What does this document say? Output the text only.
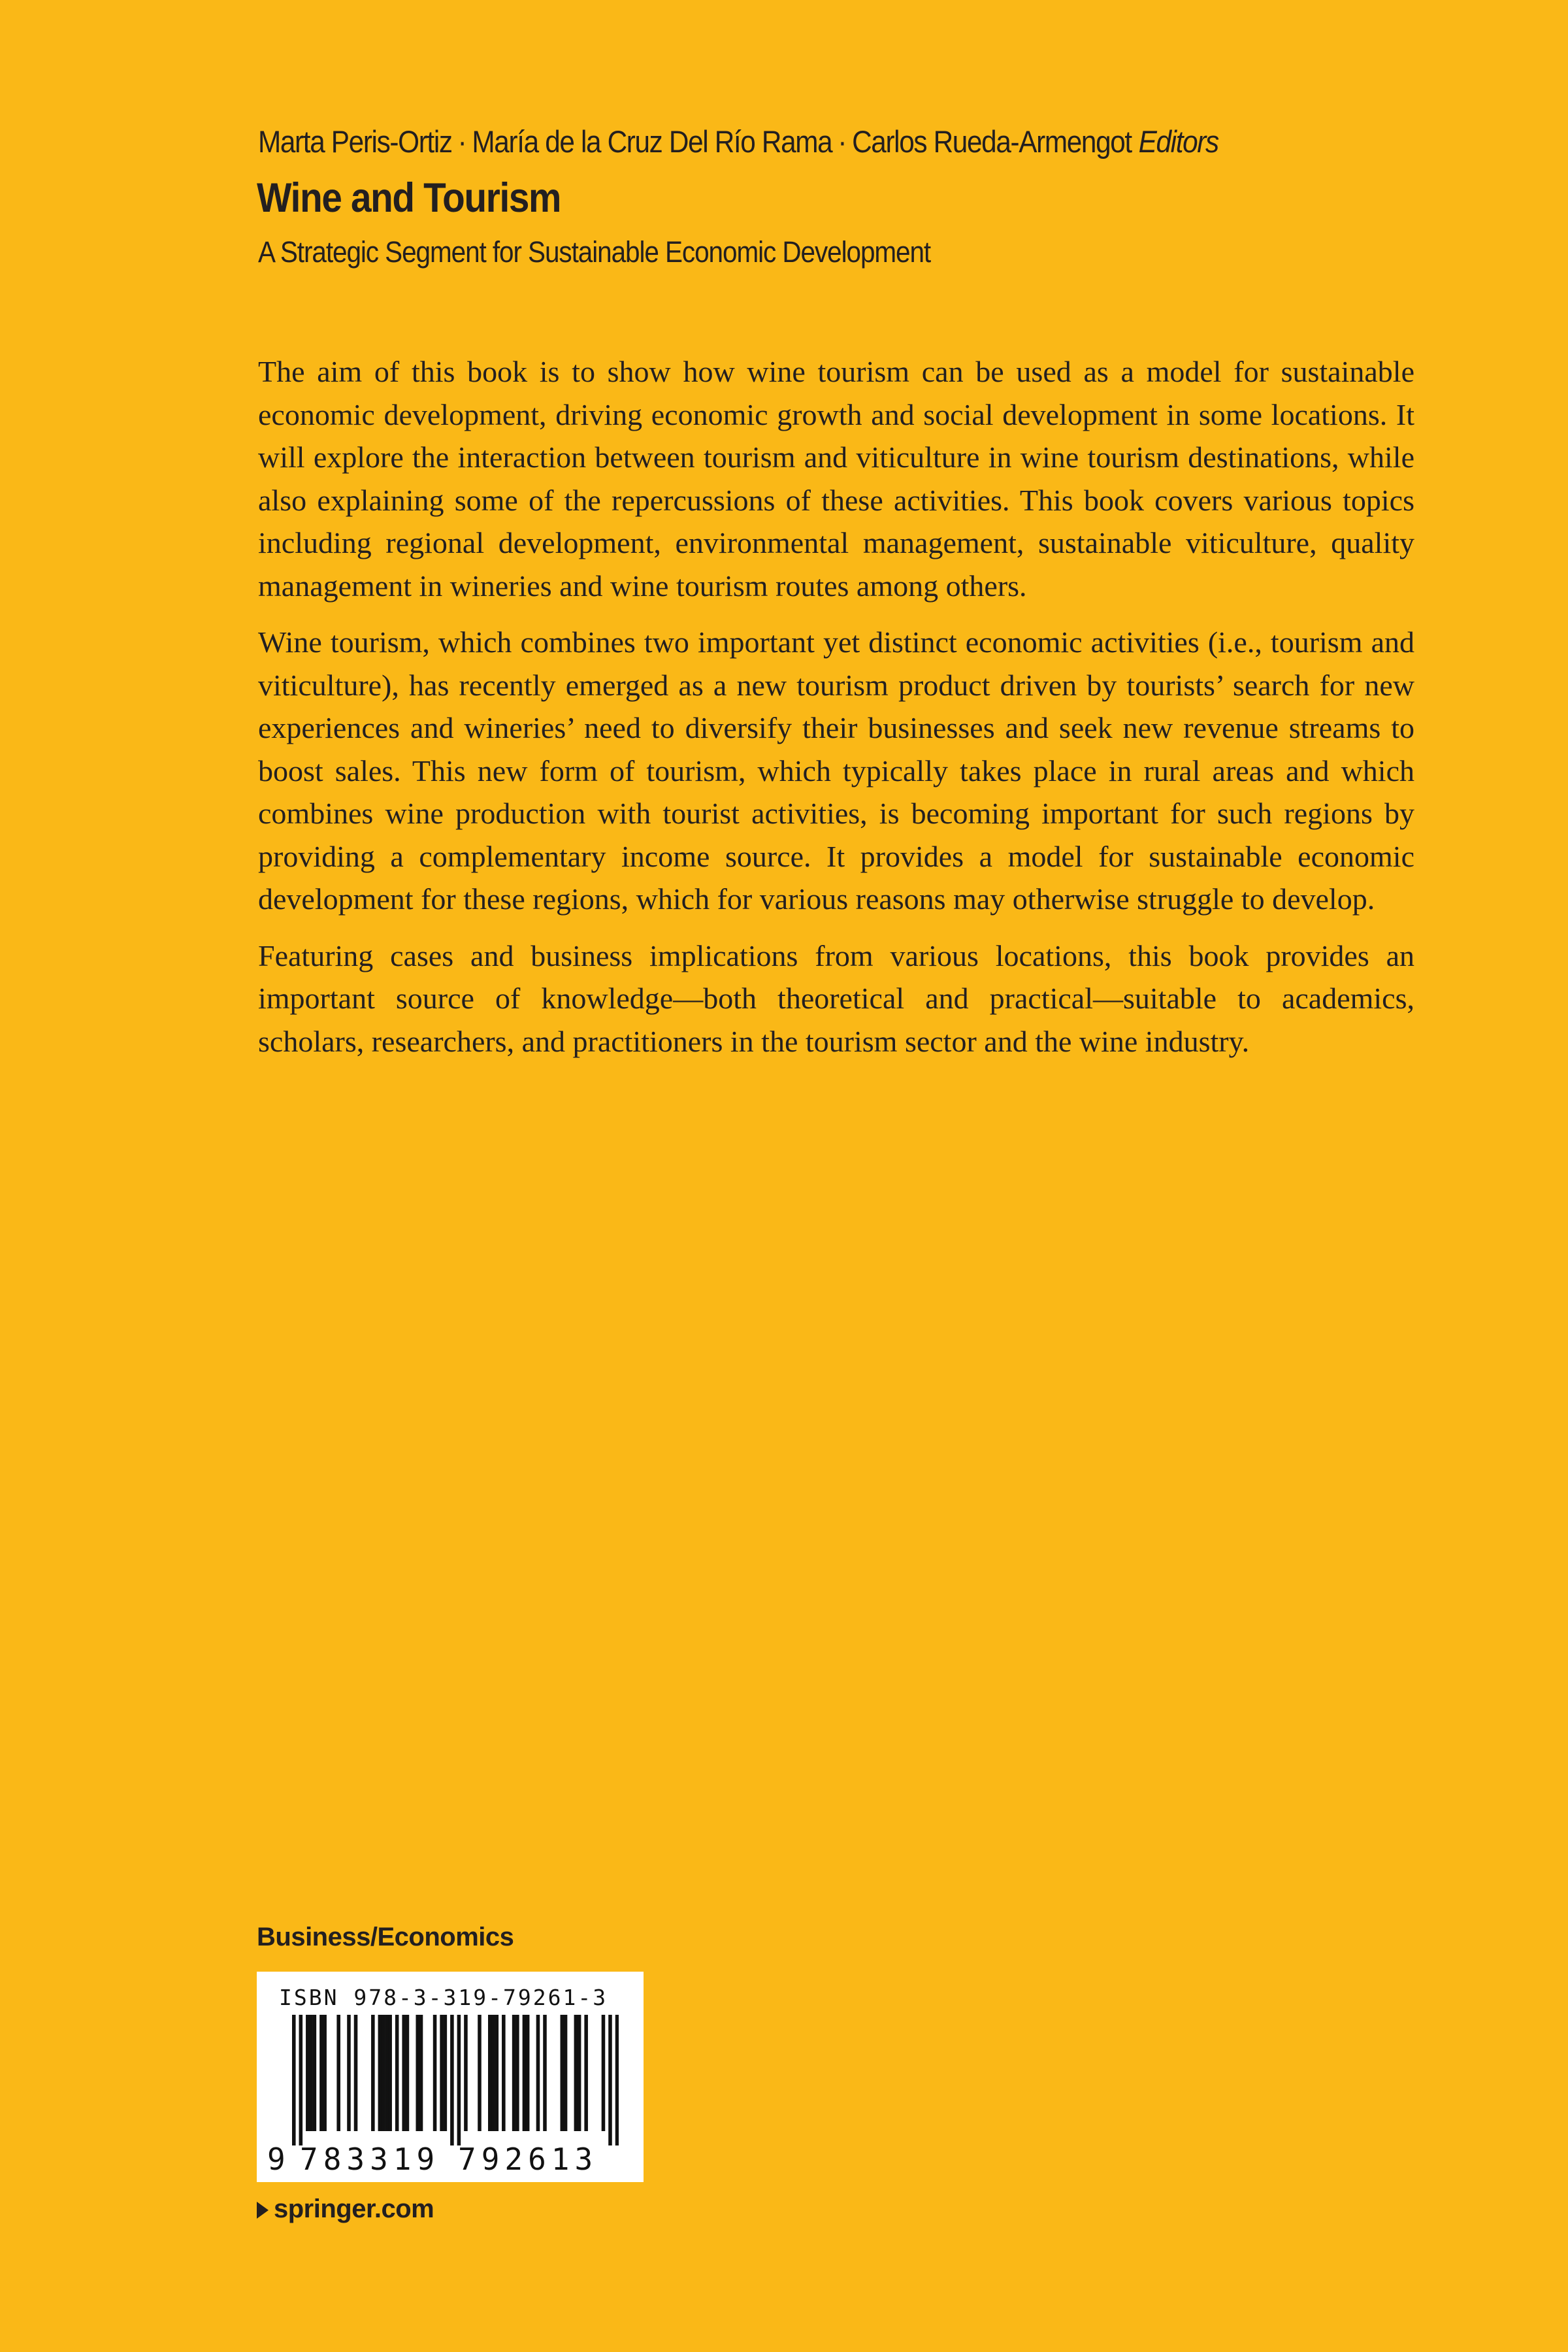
Marta Peris-Ortiz · María de la Cruz Del Río Rama · Carlos Rueda-Armengot Editors
Wine and Tourism
A Strategic Segment for Sustainable Economic Development

The aim of this book is to show how wine tourism can be used as a model for sustainable economic development, driving economic growth and social development in some locations. It will explore the interaction between tourism and viticulture in wine tourism destinations, while also explaining some of the repercussions of these activities. This book covers various topics including regional development, environmental management, sustainable viticulture, quality management in wineries and wine tourism routes among others.

Wine tourism, which combines two important yet distinct economic activities (i.e., tourism and viticulture), has recently emerged as a new tourism product driven by tourists’ search for new experiences and wineries’ need to diversify their businesses and seek new revenue streams to boost sales. This new form of tourism, which typically takes place in rural areas and which combines wine production with tourist activities, is becoming important for such regions by providing a complementary income source. It provides a model for sustainable economic development for these regions, which for various reasons may otherwise struggle to develop.

Featuring cases and business implications from various locations, this book provides an important source of knowledge—both theoretical and practical—suitable to academics, scholars, researchers, and practitioners in the tourism sector and the wine industry.

Business/Economics
ISBN 978-3-319-79261-3
9 783319 792613
springer.com
